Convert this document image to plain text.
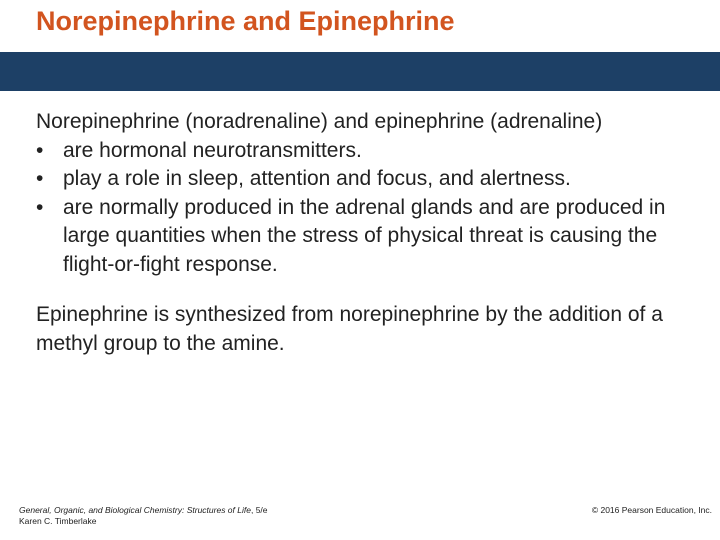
Norepinephrine and Epinephrine

Norepinephrine (noradrenaline) and epinephrine (adrenaline)

• are hormonal neurotransmitters.
• play a role in sleep, attention and focus, and alertness.
• are normally produced in the adrenal glands and are produced in large quantities when the stress of physical threat is causing the flight-or-fight response.

Epinephrine is synthesized from norepinephrine by the addition of a methyl group to the amine.

General, Organic, and Biological Chemistry: Structures of Life, 5/e
Karen C. Timberlake
© 2016 Pearson Education, Inc.
